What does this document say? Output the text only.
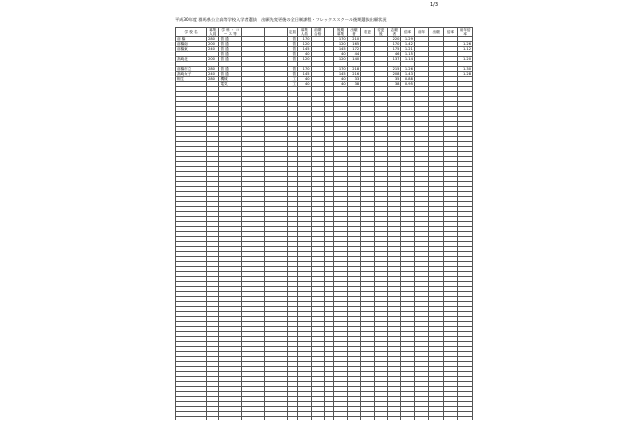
1/3
平成30年度 群馬県公立高等学校入学者選抜　出願先変更後の全日制課程・フレックススクール後期選抜出願状況
学 校 名	募集人員	学 科 ・ コ ー ス 等			定員	募集人員	前期合格		後期募集	出願者	変更	変更後	志願者	倍率	前年	出願	倍率	前年倍率
前 橋	280	普 通			普	170			170	210			220	1.29				
前橋南	200	普 通			普	120			120	165			170	1.42				1.26
前橋東	240	普 通			普	145			145	172			175	1.21				1.12
		普 通			普	40			40	44			46	1.15				
高崎北	200	普 通			普	120			120	140			137	1.14				1.20

前橋市立	280	普 通			普	170			170	218			215	1.26				1.30
高崎女子	240	普 通			普	145			145	216			208	1.43				1.28
桐生	280	機械			工	40			40	33			35	0.88				
		電気			工	40			40	38			38	0.95				
